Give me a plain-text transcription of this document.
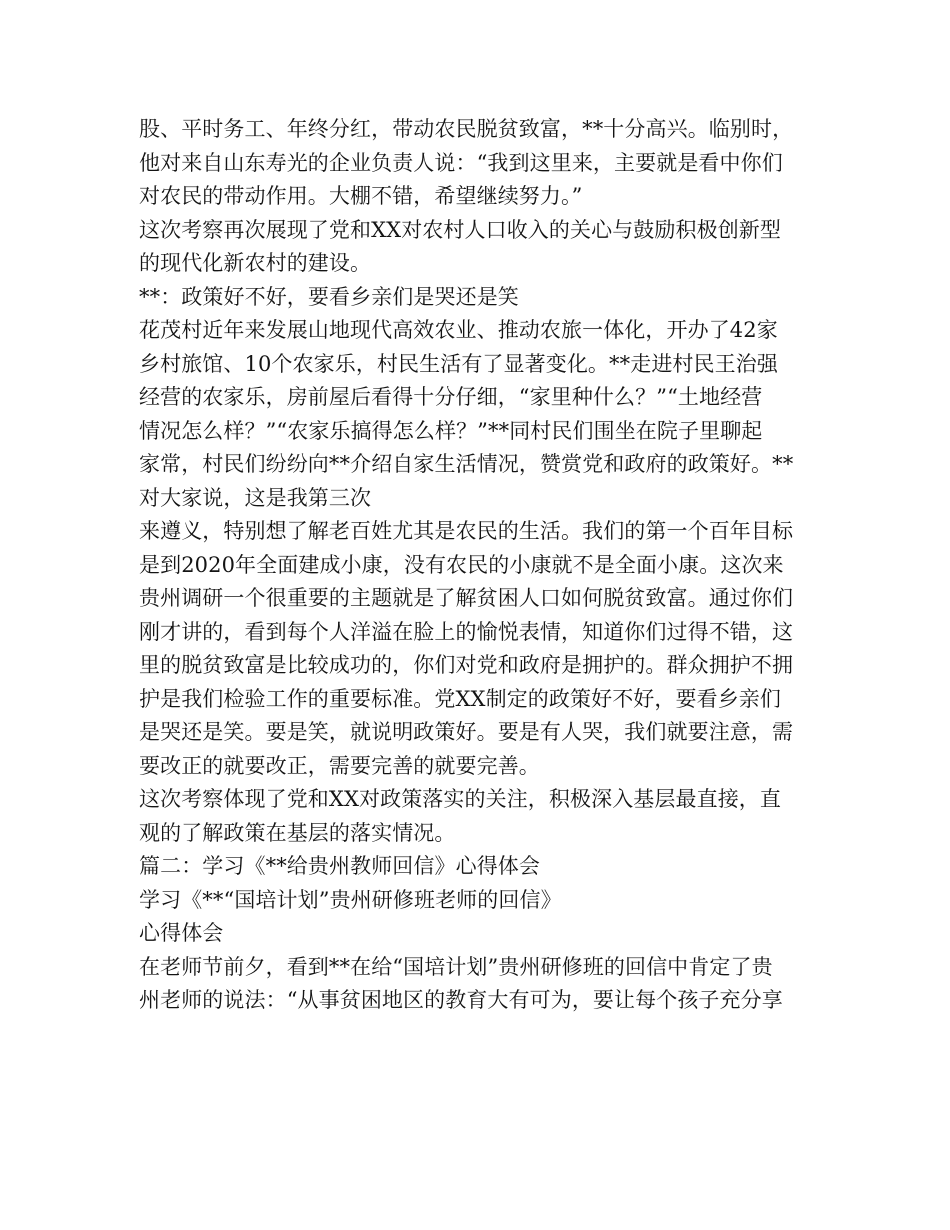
股、平时务工、年终分红，带动农民脱贫致富，**十分高兴。临别时，
他对来自山东寿光的企业负责人说：“我到这里来，主要就是看中你们
对农民的带动作用。大棚不错，希望继续努力。”
这次考察再次展现了党和XX对农村人口收入的关心与鼓励积极创新型
的现代化新农村的建设。
**：政策好不好，要看乡亲们是哭还是笑
花茂村近年来发展山地现代高效农业、推动农旅一体化，开办了42家
乡村旅馆、10个农家乐，村民生活有了显著变化。**走进村民王治强
经营的农家乐，房前屋后看得十分仔细，“家里种什么？”“土地经营
情况怎么样？”“农家乐搞得怎么样？”**同村民们围坐在院子里聊起
家常，村民们纷纷向**介绍自家生活情况，赞赏党和政府的政策好。**
对大家说，这是我第三次
来遵义，特别想了解老百姓尤其是农民的生活。我们的第一个百年目标
是到2020年全面建成小康，没有农民的小康就不是全面小康。这次来
贵州调研一个很重要的主题就是了解贫困人口如何脱贫致富。通过你们
刚才讲的，看到每个人洋溢在脸上的愉悦表情，知道你们过得不错，这
里的脱贫致富是比较成功的，你们对党和政府是拥护的。群众拥护不拥
护是我们检验工作的重要标准。党XX制定的政策好不好，要看乡亲们
是哭还是笑。要是笑，就说明政策好。要是有人哭，我们就要注意，需
要改正的就要改正，需要完善的就要完善。
这次考察体现了党和XX对政策落实的关注，积极深入基层最直接，直
观的了解政策在基层的落实情况。
篇二：学习《**给贵州教师回信》心得体会
学习《**“国培计划”贵州研修班老师的回信》
心得体会
在老师节前夕，看到**在给“国培计划”贵州研修班的回信中肯定了贵
州老师的说法：“从事贫困地区的教育大有可为，要让每个孩子充分享
